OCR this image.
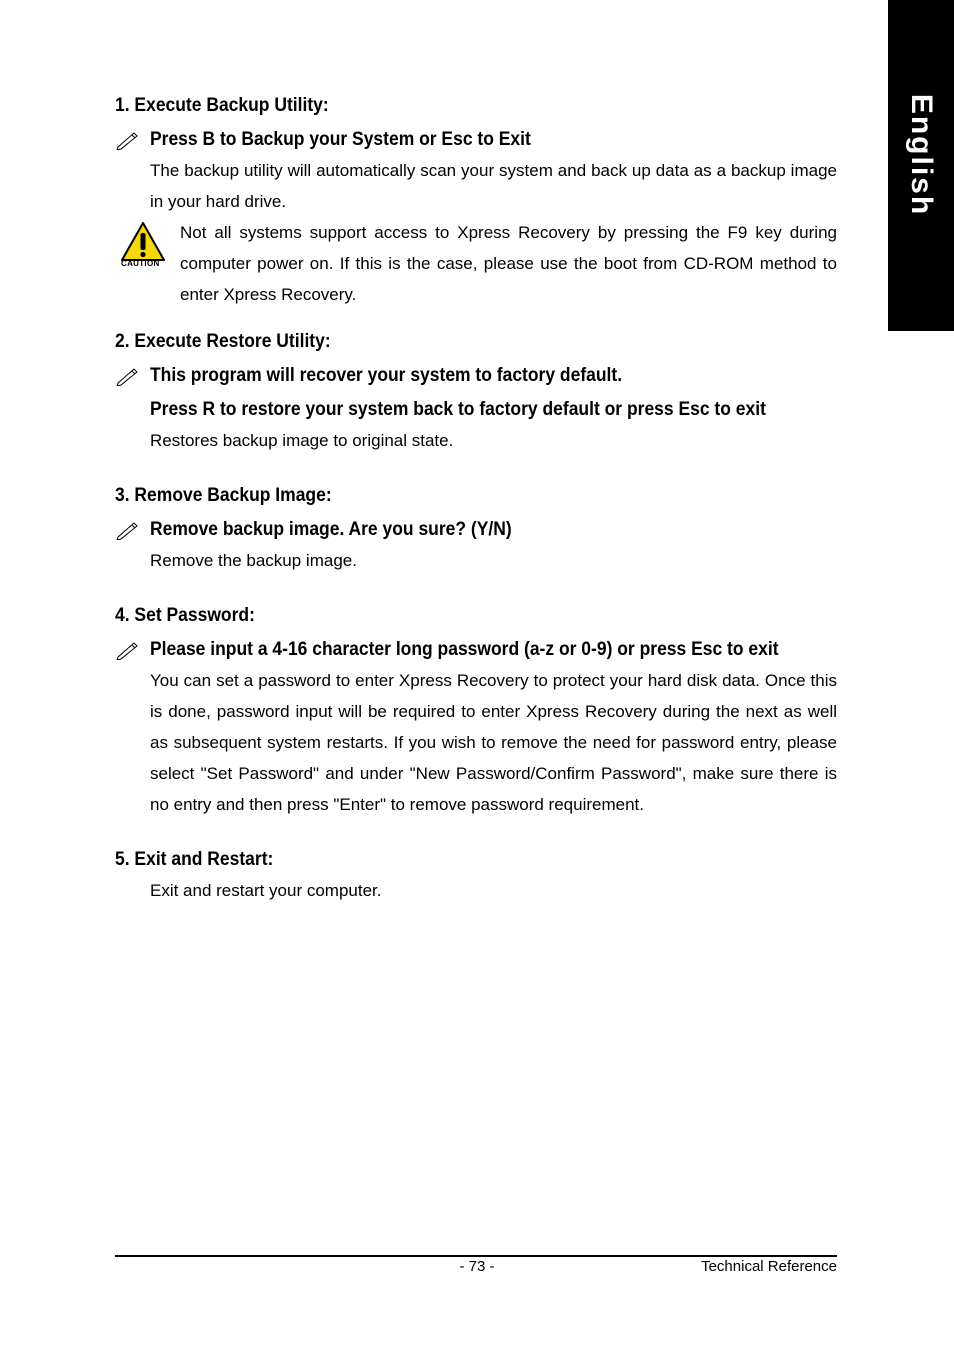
English
1. Execute Backup Utility:
Press B to Backup your System or Esc to Exit
The backup utility will automatically scan your system and back up data as a backup image in your hard drive.
CAUTION
Not all systems support access to Xpress Recovery by pressing the F9 key during computer power on. If this is the case, please use the boot from CD-ROM method to enter Xpress Recovery.
2. Execute Restore Utility:
This program will recover your system to factory default.
Press R to restore your system back to factory default or press Esc to exit
Restores backup image to original state.
3. Remove Backup Image:
Remove backup image. Are you sure? (Y/N)
Remove the backup image.
4. Set Password:
Please input a 4-16 character long password (a-z or 0-9) or press Esc to exit
You can set a password to enter Xpress Recovery to protect your hard disk data. Once this is done, password input will be required to enter Xpress Recovery during the next as well as subsequent system restarts. If you wish to remove the need for password entry, please select "Set Password" and under "New Password/Confirm Password", make sure there is no entry and then press "Enter" to remove password requirement.
5. Exit and Restart:
Exit and restart your computer.
- 73 -	Technical Reference
